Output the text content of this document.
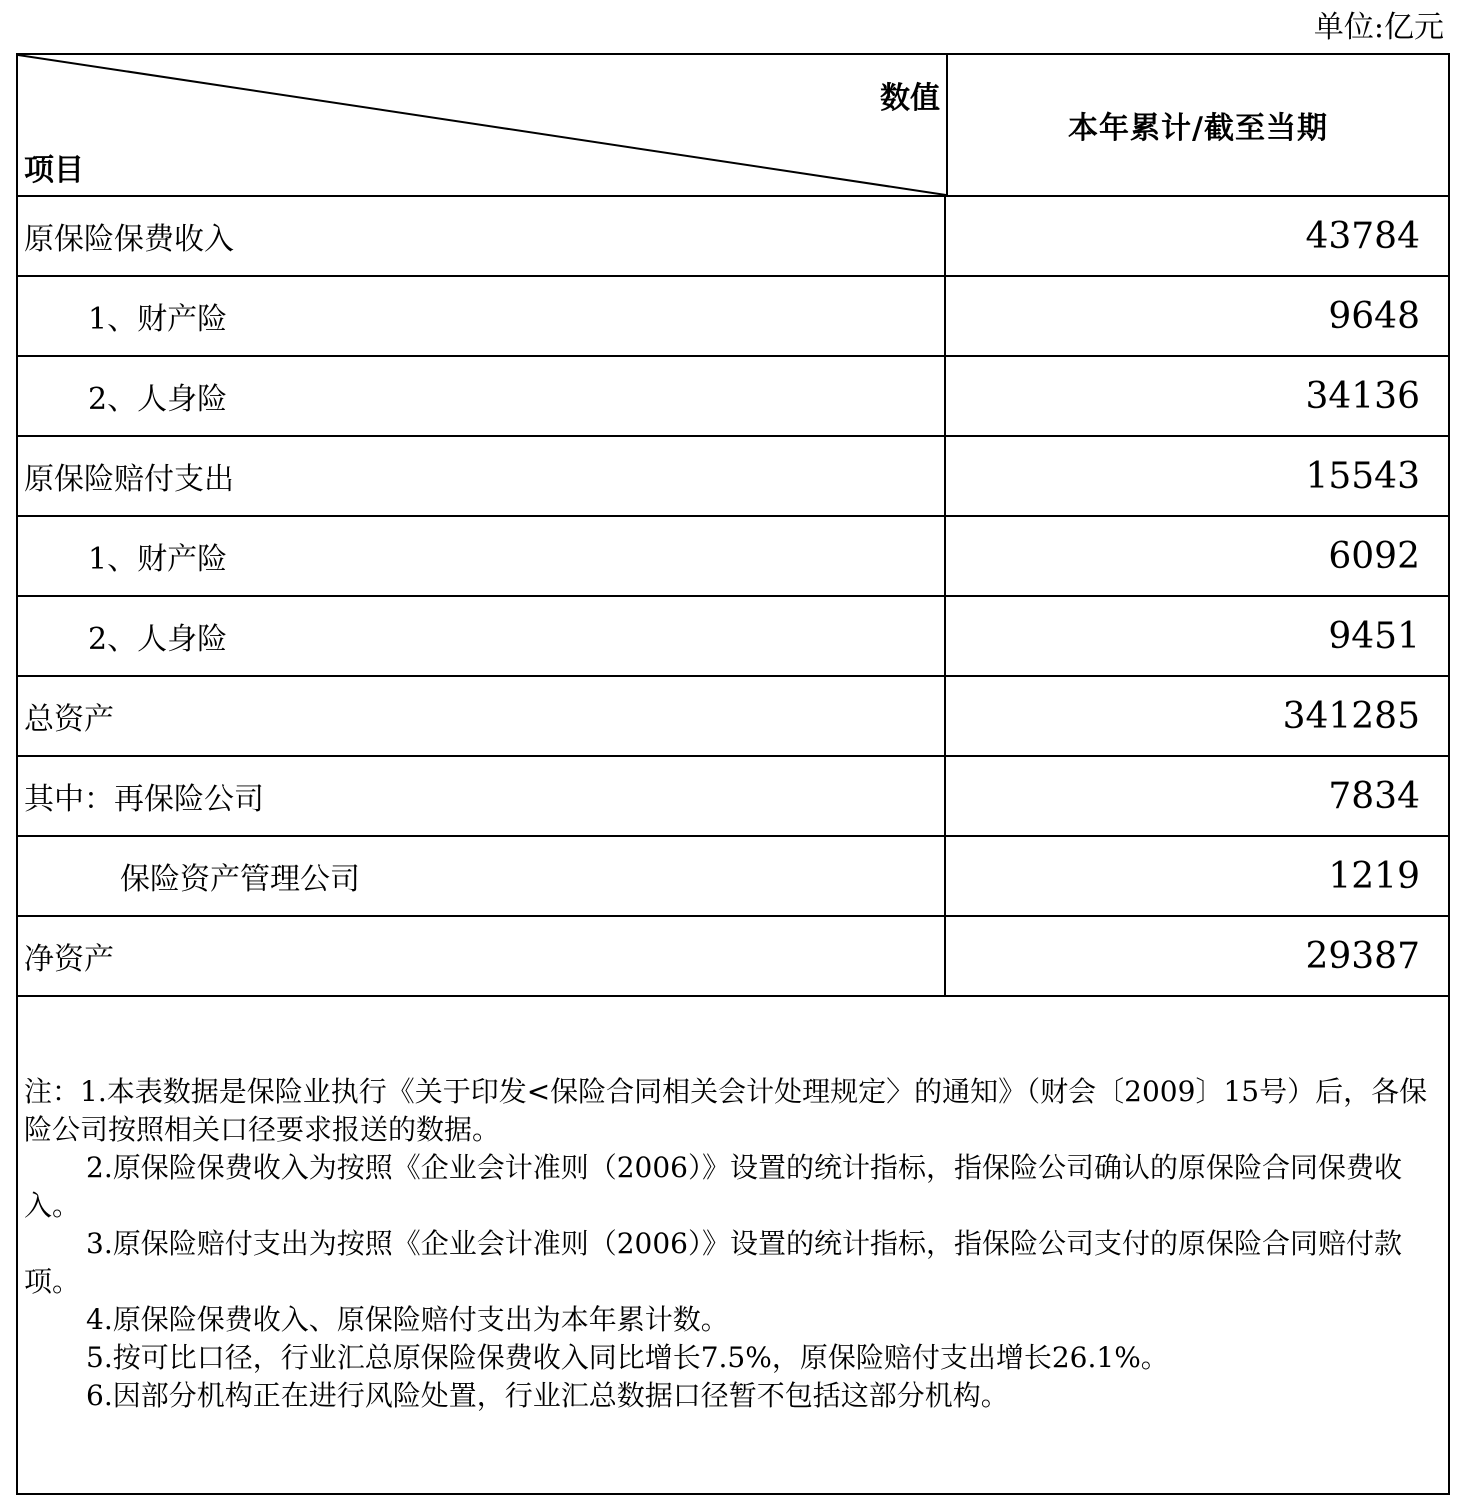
单位:亿元
数值
项目
本年累计/截至当期
原保险保费收入	43784
1、财产险	9648
2、人身险	34136
原保险赔付支出	15543
1、财产险	6092
2、人身险	9451
总资产	341285
其中：再保险公司	7834
保险资产管理公司	1219
净资产	29387

注：1.本表数据是保险业执行《关于印发<保险合同相关会计处理规定〉的通知》（财会〔2009〕15号）后，各保险公司按照相关口径要求报送的数据。

2.原保险保费收入为按照《企业会计准则（2006）》设置的统计指标，指保险公司确认的原保险合同保费收入。

3.原保险赔付支出为按照《企业会计准则（2006）》设置的统计指标，指保险公司支付的原保险合同赔付款项。

4.原保险保费收入、原保险赔付支出为本年累计数。

5.按可比口径，行业汇总原保险保费收入同比增长7.5%，原保险赔付支出增长26.1%。

6.因部分机构正在进行风险处置，行业汇总数据口径暂不包括这部分机构。
